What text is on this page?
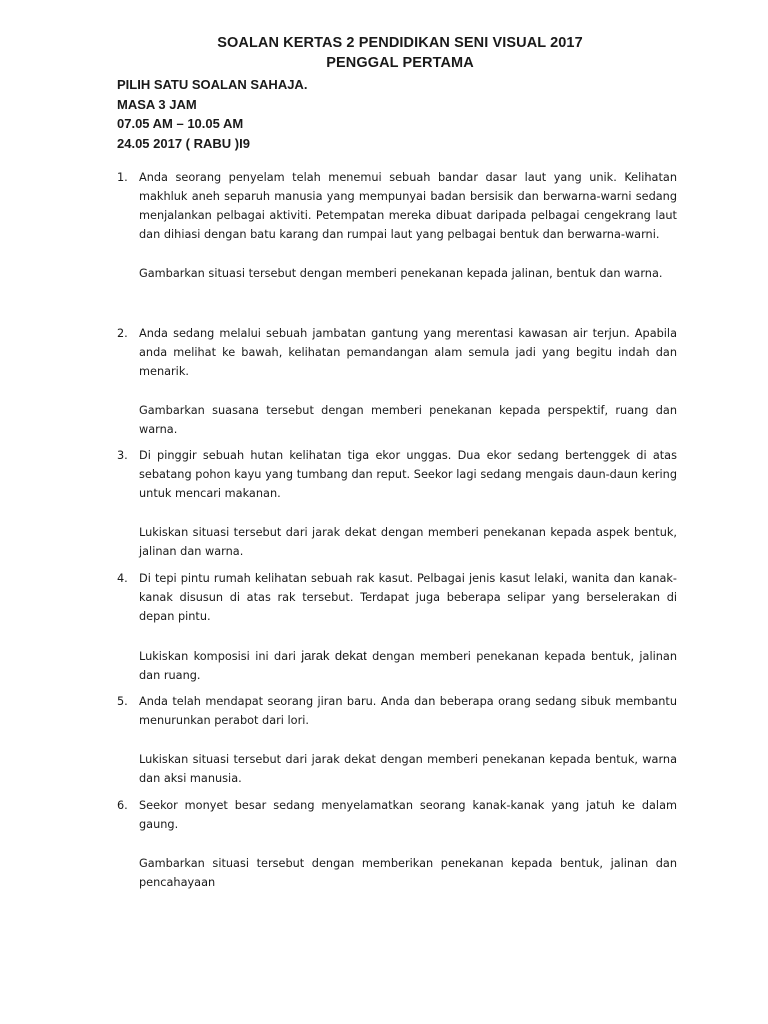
SOALAN KERTAS 2 PENDIDIKAN SENI VISUAL 2017
PENGGAL PERTAMA
PILIH SATU SOALAN SAHAJA.
MASA 3 JAM
07.05 AM – 10.05 AM
24.05 2017 ( RABU )I9
1. Anda seorang penyelam telah menemui sebuah bandar dasar laut yang unik. Kelihatan makhluk aneh separuh manusia yang mempunyai badan bersisik dan berwarna-warni sedang menjalankan pelbagai aktiviti. Petempatan mereka dibuat daripada pelbagai cengekrang laut dan dihiasi dengan batu karang dan rumpai laut yang pelbagai bentuk dan berwarna-warni.
Gambarkan situasi tersebut dengan memberi penekanan kepada jalinan, bentuk dan warna.
2. Anda sedang melalui sebuah jambatan gantung yang merentasi kawasan air terjun. Apabila anda melihat ke bawah, kelihatan pemandangan alam semula jadi yang begitu indah dan menarik.
Gambarkan suasana tersebut dengan memberi penekanan kepada perspektif, ruang dan warna.
3. Di pinggir sebuah hutan kelihatan tiga ekor unggas. Dua ekor sedang bertenggek di atas sebatang pohon kayu yang tumbang dan reput. Seekor lagi sedang mengais daun-daun kering untuk mencari makanan.
Lukiskan situasi tersebut dari jarak dekat dengan memberi penekanan kepada aspek bentuk, jalinan dan warna.
4. Di tepi pintu rumah kelihatan sebuah rak kasut. Pelbagai jenis kasut lelaki, wanita dan kanak-kanak disusun di atas rak tersebut. Terdapat juga beberapa selipar yang berselerakan di depan pintu.
Lukiskan komposisi ini dari jarak dekat dengan memberi penekanan kepada bentuk, jalinan dan ruang.
5. Anda telah mendapat seorang jiran baru. Anda dan beberapa orang sedang sibuk membantu menurunkan perabot dari lori.
Lukiskan situasi tersebut dari jarak dekat dengan memberi penekanan kepada bentuk, warna dan aksi manusia.
6. Seekor monyet besar sedang menyelamatkan seorang kanak-kanak yang jatuh ke dalam gaung.
Gambarkan situasi tersebut dengan memberikan penekanan kepada bentuk, jalinan dan pencahayaan
